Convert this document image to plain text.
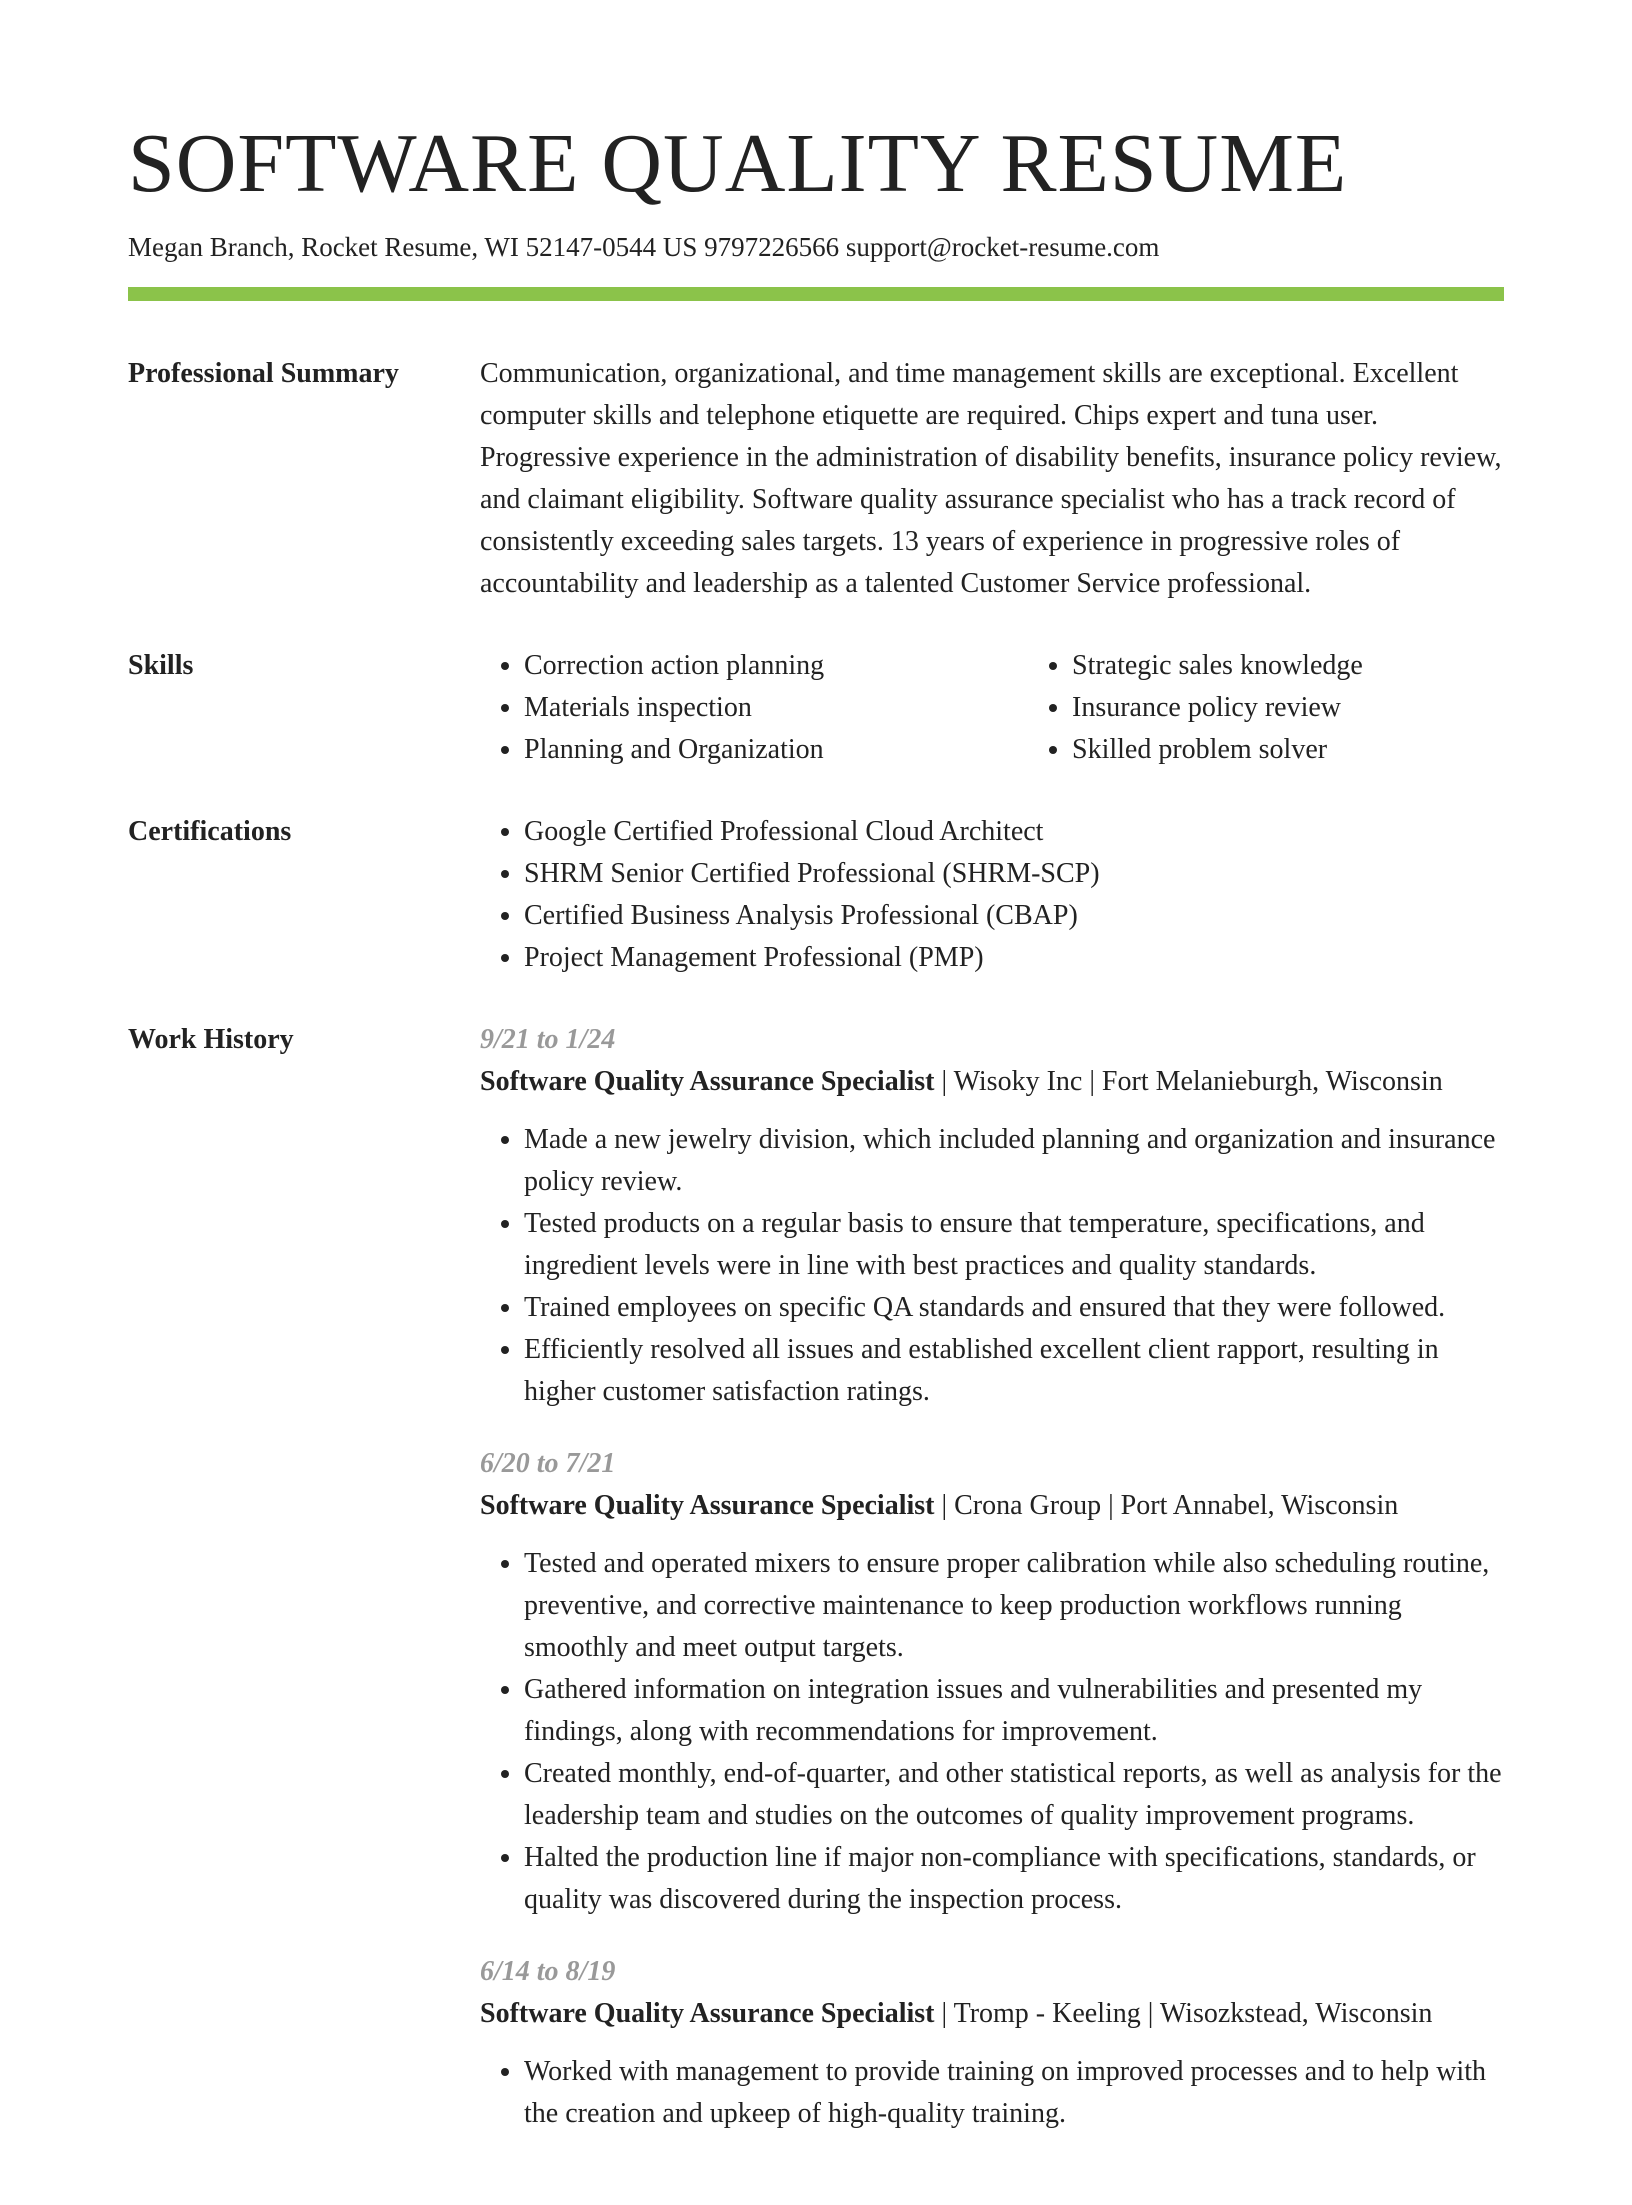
SOFTWARE QUALITY RESUME
Megan Branch, Rocket Resume, WI 52147-0544 US 9797226566 support@rocket-resume.com
Professional Summary	Communication, organizational, and time management skills are exceptional. Excellent computer skills and telephone etiquette are required. Chips expert and tuna user. Progressive experience in the administration of disability benefits, insurance policy review, and claimant eligibility. Software quality assurance specialist who has a track record of consistently exceeding sales targets. 13 years of experience in progressive roles of accountability and leadership as a talented Customer Service professional.

Skills	• Correction action planning
• Materials inspection
• Planning and Organization
• Strategic sales knowledge
• Insurance policy review
• Skilled problem solver
Certifications	• Google Certified Professional Cloud Architect
• SHRM Senior Certified Professional (SHRM-SCP)
• Certified Business Analysis Professional (CBAP)
• Project Management Professional (PMP)
Work History	9/21 to 1/24
Software Quality Assurance Specialist | Wisoky Inc | Fort Melanieburgh, Wisconsin
• Made a new jewelry division, which included planning and organization and insurance policy review.
• Tested products on a regular basis to ensure that temperature, specifications, and ingredient levels were in line with best practices and quality standards.
• Trained employees on specific QA standards and ensured that they were followed.
• Efficiently resolved all issues and established excellent client rapport, resulting in higher customer satisfaction ratings.
6/20 to 7/21
Software Quality Assurance Specialist | Crona Group | Port Annabel, Wisconsin
• Tested and operated mixers to ensure proper calibration while also scheduling routine, preventive, and corrective maintenance to keep production workflows running smoothly and meet output targets.
• Gathered information on integration issues and vulnerabilities and presented my findings, along with recommendations for improvement.
• Created monthly, end-of-quarter, and other statistical reports, as well as analysis for the leadership team and studies on the outcomes of quality improvement programs.
• Halted the production line if major non-compliance with specifications, standards, or quality was discovered during the inspection process.
6/14 to 8/19
Software Quality Assurance Specialist | Tromp - Keeling | Wisozkstead, Wisconsin
• Worked with management to provide training on improved processes and to help with the creation and upkeep of high-quality training.
